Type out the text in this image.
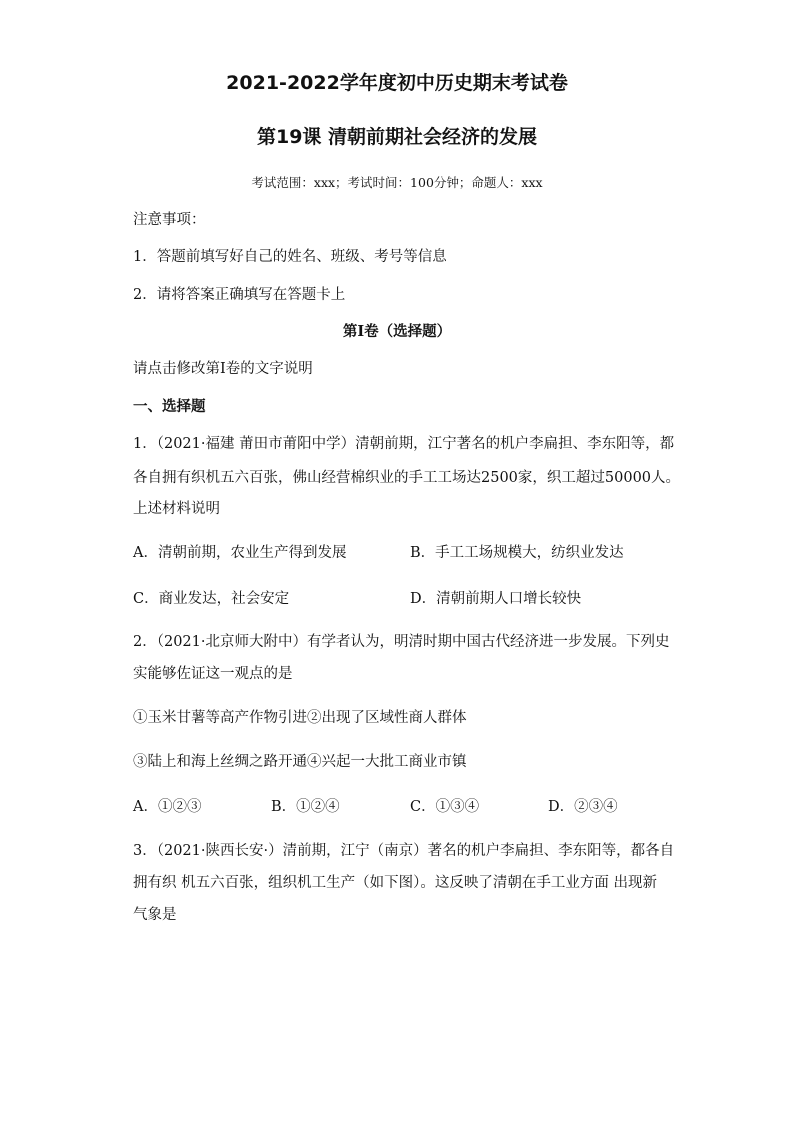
2021-2022学年度初中历史期末考试卷
第19课 清朝前期社会经济的发展
考试范围：xxx；考试时间：100分钟；命题人：xxx
注意事项：
1．答题前填写好自己的姓名、班级、考号等信息
2．请将答案正确填写在答题卡上
第I卷（选择题）
请点击修改第I卷的文字说明
一、选择题
1．（2021·福建 莆田市莆阳中学）清朝前期，江宁著名的机户李扁担、李东阳等，都
各自拥有织机五六百张，佛山经营棉织业的手工工场达2500家，织工超过50000人。
上述材料说明
A．清朝前期，农业生产得到发展	B．手工工场规模大，纺织业发达
C．商业发达，社会安定	D．清朝前期人口增长较快
2．（2021·北京师大附中）有学者认为，明清时期中国古代经济进一步发展。下列史
实能够佐证这一观点的是
①玉米甘薯等高产作物引进②出现了区域性商人群体
③陆上和海上丝绸之路开通④兴起一大批工商业市镇
A．①②③	B．①②④	C．①③④	D．②③④
3．（2021·陕西长安·）清前期，江宁（南京）著名的机户李扁担、李东阳等，都各自
拥有织 机五六百张，组织机工生产（如下图）。这反映了清朝在手工业方面 出现新
气象是
